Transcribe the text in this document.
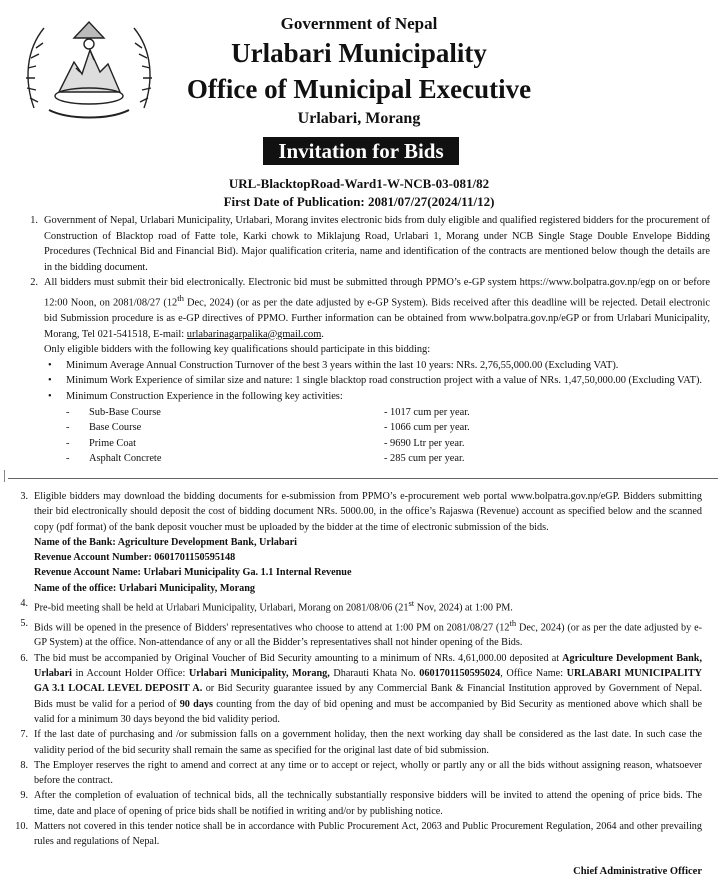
Government of Nepal
Urlabari Municipality
Office of Municipal Executive
Urlabari, Morang
Invitation for Bids
URL-BlacktopRoad-Ward1-W-NCB-03-081/82
First Date of Publication: 2081/07/27(2024/11/12)
1. Government of Nepal, Urlabari Municipality, Urlabari, Morang invites electronic bids from duly eligible and qualified registered bidders for the procurement of Construction of Blacktop road of Fatte tole, Karki chowk to Miklajung Road, Urlabari 1, Morang under NCB Single Stage Double Envelope Bidding Procedures (Technical Bid and Financial Bid). Major qualification criteria, name and identification of the contracts are mentioned below though the details are in the bidding document.
2. All bidders must submit their bid electronically. Electronic bid must be submitted through PPMO’s e-GP system https://www.bolpatra.gov.np/egp on or before 12:00 Noon, on 2081/08/27 (12th Dec, 2024) (or as per the date adjusted by e-GP System). Bids received after this deadline will be rejected. Detail electronic bid Submission procedure is as e-GP directives of PPMO. Further information can be obtained from www.bolpatra.gov.np/eGP or from Urlabari Municipality, Morang, Tel 021-541518, E-mail: urlabarinagarpalika@gmail.com.
Only eligible bidders with the following key qualifications should participate in this bidding:
• Minimum Average Annual Construction Turnover of the best 3 years within the last 10 years: NRs. 2,76,55,000.00 (Excluding VAT).
• Minimum Work Experience of similar size and nature: 1 single blacktop road construction project with a value of NRs. 1,47,50,000.00 (Excluding VAT).
• Minimum Construction Experience in the following key activities:
- Sub-Base Course	- 1017 cum per year.
- Base Course	- 1066 cum per year.
- Prime Coat	- 9690 Ltr per year.
- Asphalt Concrete	- 285 cum per year.
3. Eligible bidders may download the bidding documents for e-submission from PPMO’s e-procurement web portal www.bolpatra.gov.np/eGP. Bidders submitting their bid electronically should deposit the cost of bidding document NRs. 5000.00, in the office’s Rajaswa (Revenue) account as specified below and the scanned copy (pdf format) of the bank deposit voucher must be uploaded by the bidder at the time of electronic submission of the bids.
Name of the Bank: Agriculture Development Bank, Urlabari
Revenue Account Number: 0601701150595148
Revenue Account Name: Urlabari Municipality Ga. 1.1 Internal Revenue
Name of the office: Urlabari Municipality, Morang
4. Pre-bid meeting shall be held at Urlabari Municipality, Urlabari, Morang on 2081/08/06 (21st Nov, 2024) at 1:00 PM.
5. Bids will be opened in the presence of Bidders' representatives who choose to attend at 1:00 PM on 2081/08/27 (12th Dec, 2024) (or as per the date adjusted by e-GP System) at the office. Non-attendance of any or all the Bidder’s representatives shall not hinder opening of the Bids.
6. The bid must be accompanied by Original Voucher of Bid Security amounting to a minimum of NRs. 4,61,000.00 deposited at Agriculture Development Bank, Urlabari in Account Holder Office: Urlabari Municipality, Morang, Dharauti Khata No. 0601701150595024, Office Name: URLABARI MUNICIPALITY GA 3.1 LOCAL LEVEL DEPOSIT A. or Bid Security guarantee issued by any Commercial Bank & Financial Institution approved by Government of Nepal. Bids must be valid for a period of 90 days counting from the day of bid opening and must be accompanied by Bid Security as mentioned above which shall be valid for a minimum 30 days beyond the bid validity period.
7. If the last date of purchasing and /or submission falls on a government holiday, then the next working day shall be considered as the last date. In such case the validity period of the bid security shall remain the same as specified for the original last date of bid submission.
8. The Employer reserves the right to amend and correct at any time or to accept or reject, wholly or partly any or all the bids without assigning reason, whatsoever before the contract.
9. After the completion of evaluation of technical bids, all the technically substantially responsive bidders will be invited to attend the opening of price bids. The time, date and place of opening of price bids shall be notified in writing and/or by publishing notice.
10. Matters not covered in this tender notice shall be in accordance with Public Procurement Act, 2063 and Public Procurement Regulation, 2064 and other prevailing rules and regulations of Nepal.
Chief Administrative Officer
